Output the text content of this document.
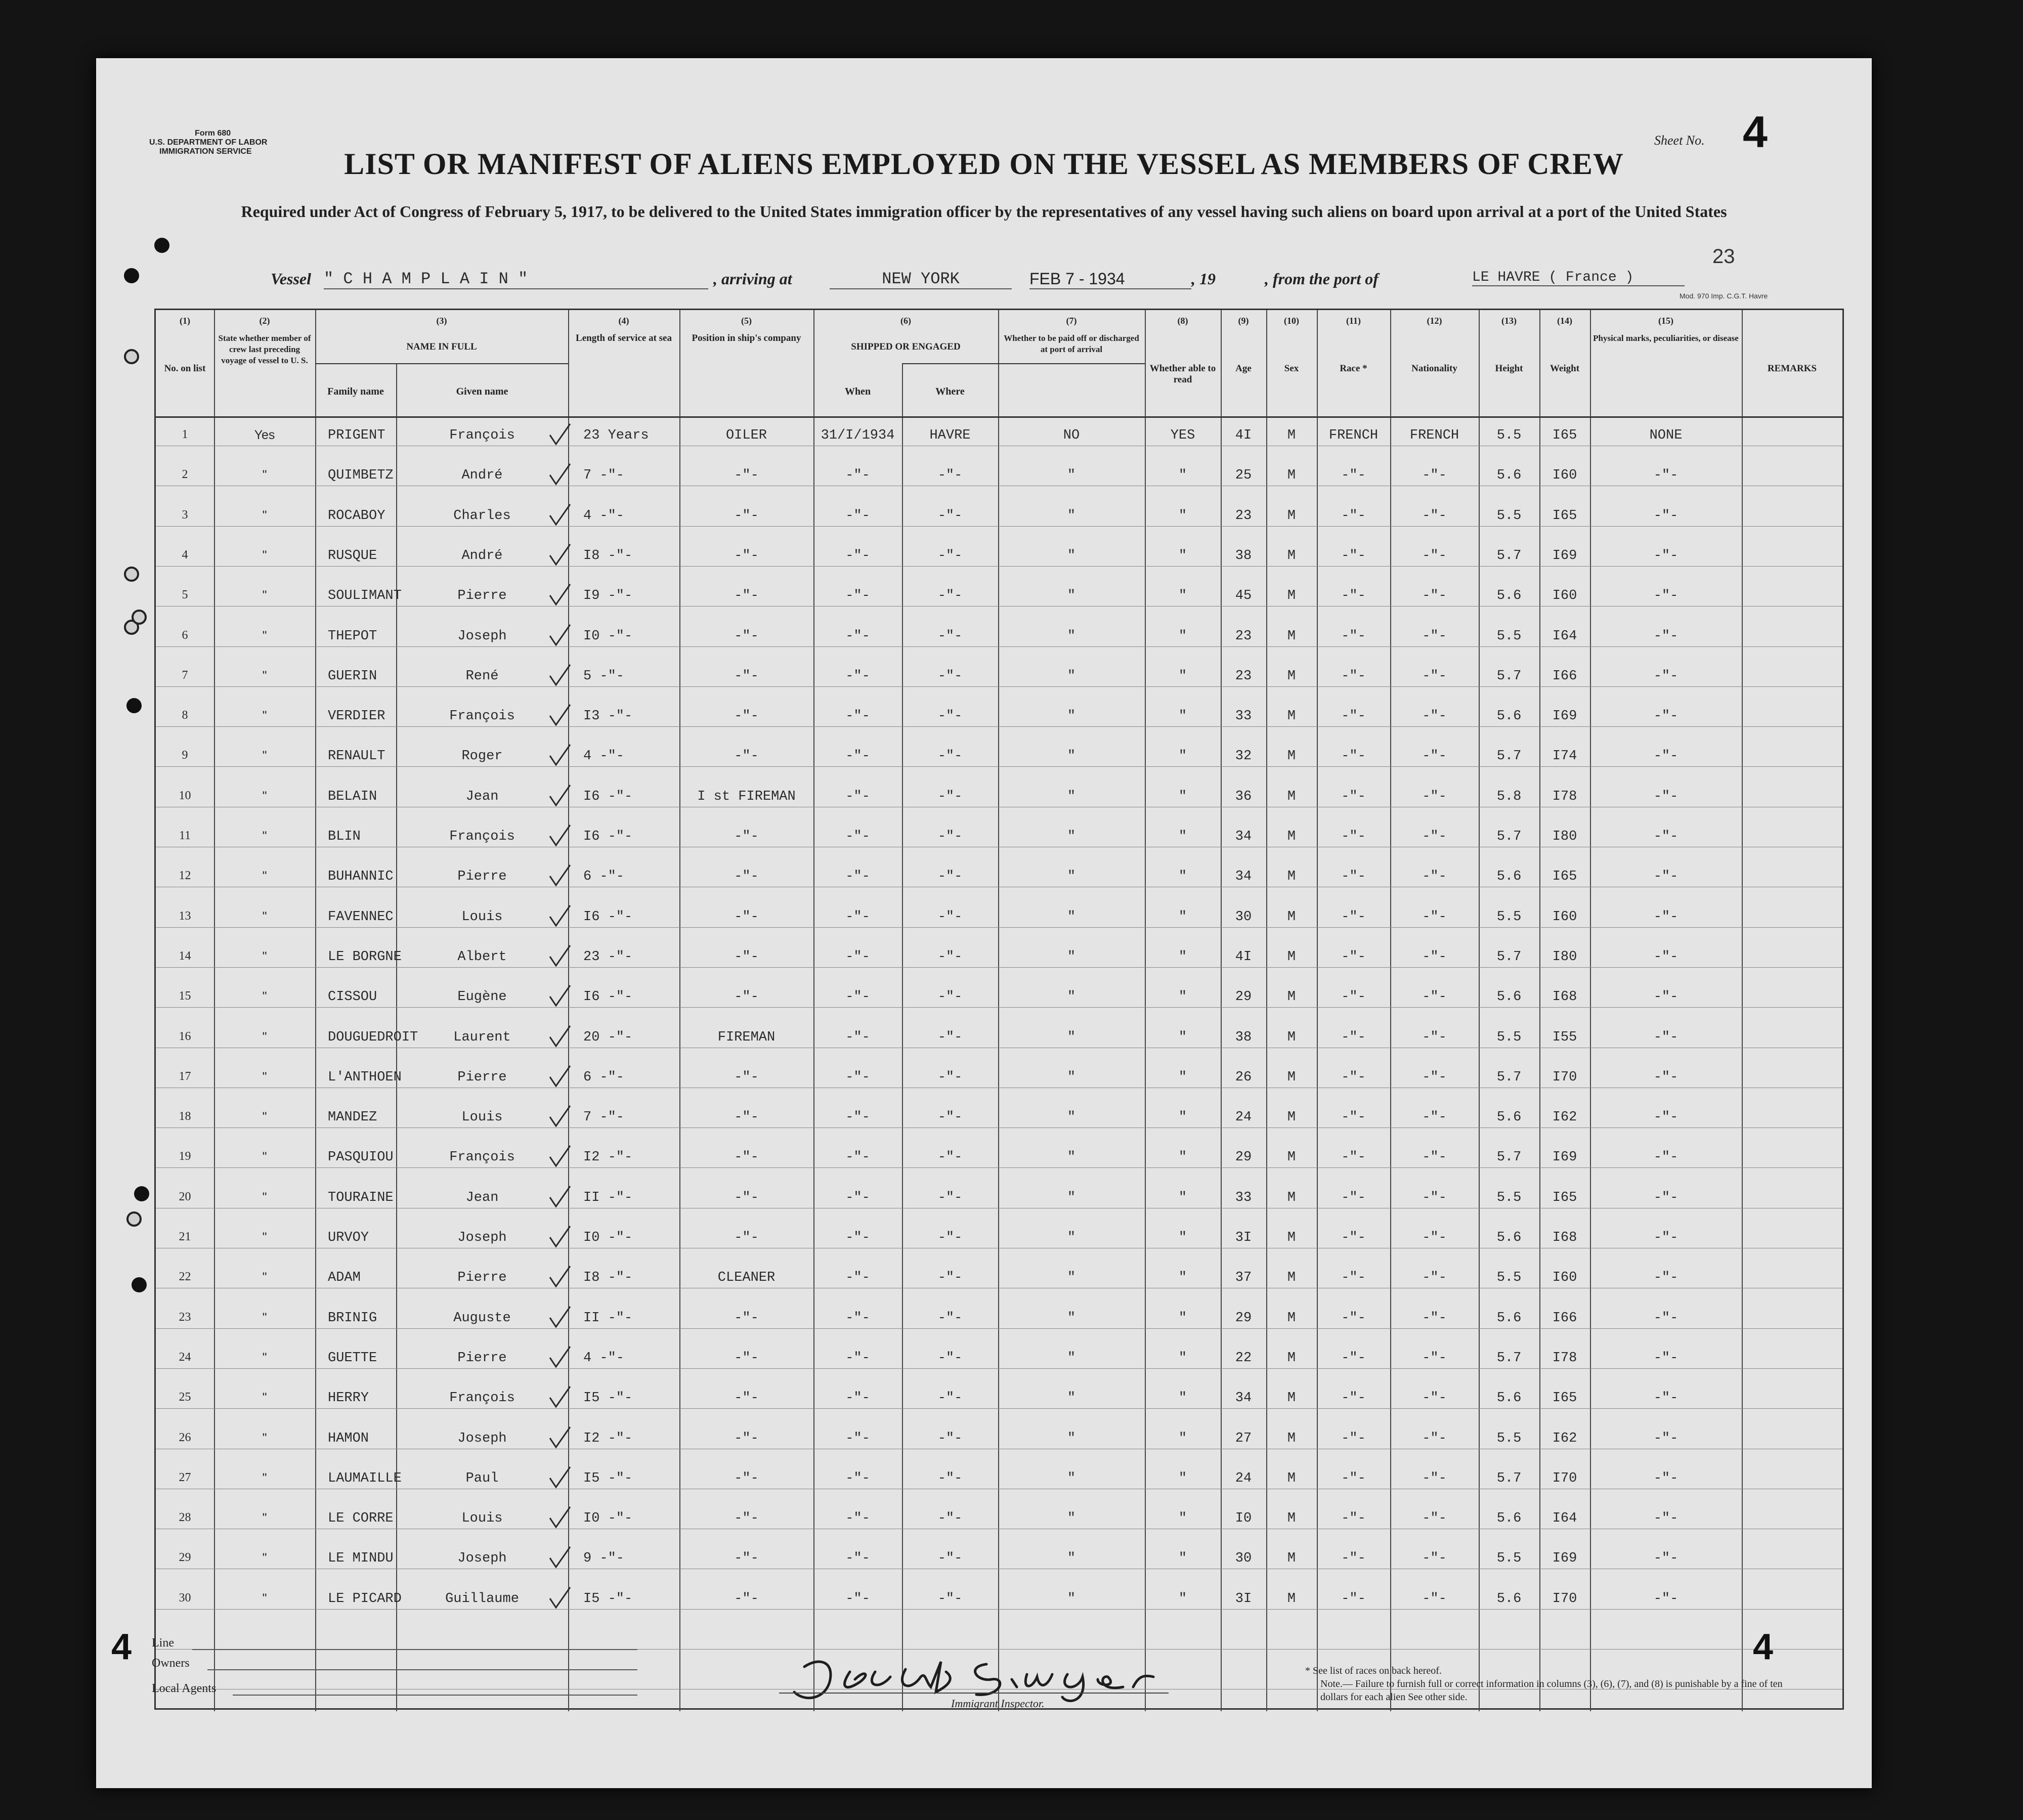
Form 680
U.S. DEPARTMENT OF LABOR
IMMIGRATION SERVICE
Sheet No. 4
LIST OR MANIFEST OF ALIENS EMPLOYED ON THE VESSEL AS MEMBERS OF CREW
Required under Act of Congress of February 5, 1917, to be delivered to the United States immigration officer by the representatives of any vessel having such aliens on board upon arrival at a port of the United States
23
Vessel " C H A M P L A I N "	, arriving at	NEW YORK	FEB 7 - 1934	, 19	, from the port of	LE HAVRE ( France )
Mod. 970 Imp. C.G.T. Havre
(1)
No. on list
(2)
State whether member of crew last preceding voyage of vessel to U. S.
(3)
NAME IN FULL
Family name	Given name
(4)
Length of service at sea
(5)
Position in ship's company
(6)
SHIPPED OR ENGAGED
When	Where
(7)
Whether to be paid off or discharged at port of arrival
(8)
Whether able to read
(9)
Age
(10)
Sex
(11)
Race *
(12)
Nationality
(13)
Height
(14)
Weight
(15)
Physical marks, peculiarities, or disease
REMARKS
1	Yes	PRIGENT	François	23 Years	OILER	31/I/1934	HAVRE	NO	YES	4I	M	FRENCH	FRENCH	5.5	I65	NONE
2	"	QUIMBETZ	André	7 -"-	-"-	-"-	-"-	"	"	25	M	-"-	-"-	5.6	I60	-"-
3	"	ROCABOY	Charles	4 -"-	-"-	-"-	-"-	"	"	23	M	-"-	-"-	5.5	I65	-"-
4	"	RUSQUE	André	I8 -"-	-"-	-"-	-"-	"	"	38	M	-"-	-"-	5.7	I69	-"-
5	"	SOULIMANT	Pierre	I9 -"-	-"-	-"-	-"-	"	"	45	M	-"-	-"-	5.6	I60	-"-
6	"	THEPOT	Joseph	I0 -"-	-"-	-"-	-"-	"	"	23	M	-"-	-"-	5.5	I64	-"-
7	"	GUERIN	René	5 -"-	-"-	-"-	-"-	"	"	23	M	-"-	-"-	5.7	I66	-"-
8	"	VERDIER	François	I3 -"-	-"-	-"-	-"-	"	"	33	M	-"-	-"-	5.6	I69	-"-
9	"	RENAULT	Roger	4 -"-	-"-	-"-	-"-	"	"	32	M	-"-	-"-	5.7	I74	-"-
10	"	BELAIN	Jean	I6 -"-	I st FIREMAN	-"-	-"-	"	"	36	M	-"-	-"-	5.8	I78	-"-
11	"	BLIN	François	I6 -"-	-"-	-"-	-"-	"	"	34	M	-"-	-"-	5.7	I80	-"-
12	"	BUHANNIC	Pierre	6 -"-	-"-	-"-	-"-	"	"	34	M	-"-	-"-	5.6	I65	-"-
13	"	FAVENNEC	Louis	I6 -"-	-"-	-"-	-"-	"	"	30	M	-"-	-"-	5.5	I60	-"-
14	"	LE BORGNE	Albert	23 -"-	-"-	-"-	-"-	"	"	4I	M	-"-	-"-	5.7	I80	-"-
15	"	CISSOU	Eugène	I6 -"-	-"-	-"-	-"-	"	"	29	M	-"-	-"-	5.6	I68	-"-
16	"	DOUGUEDROIT	Laurent	20 -"-	FIREMAN	-"-	-"-	"	"	38	M	-"-	-"-	5.5	I55	-"-
17	"	L'ANTHOEN	Pierre	6 -"-	-"-	-"-	-"-	"	"	26	M	-"-	-"-	5.7	I70	-"-
18	"	MANDEZ	Louis	7 -"-	-"-	-"-	-"-	"	"	24	M	-"-	-"-	5.6	I62	-"-
19	"	PASQUIOU	François	I2 -"-	-"-	-"-	-"-	"	"	29	M	-"-	-"-	5.7	I69	-"-
20	"	TOURAINE	Jean	II -"-	-"-	-"-	-"-	"	"	33	M	-"-	-"-	5.5	I65	-"-
21	"	URVOY	Joseph	I0 -"-	-"-	-"-	-"-	"	"	3I	M	-"-	-"-	5.6	I68	-"-
22	"	ADAM	Pierre	I8 -"-	CLEANER	-"-	-"-	"	"	37	M	-"-	-"-	5.5	I60	-"-
23	"	BRINIG	Auguste	II -"-	-"-	-"-	-"-	"	"	29	M	-"-	-"-	5.6	I66	-"-
24	"	GUETTE	Pierre	4 -"-	-"-	-"-	-"-	"	"	22	M	-"-	-"-	5.7	I78	-"-
25	"	HERRY	François	I5 -"-	-"-	-"-	-"-	"	"	34	M	-"-	-"-	5.6	I65	-"-
26	"	HAMON	Joseph	I2 -"-	-"-	-"-	-"-	"	"	27	M	-"-	-"-	5.5	I62	-"-
27	"	LAUMAILLE	Paul	I5 -"-	-"-	-"-	-"-	"	"	24	M	-"-	-"-	5.7	I70	-"-
28	"	LE CORRE	Louis	I0 -"-	-"-	-"-	-"-	"	"	I0	M	-"-	-"-	5.6	I64	-"-
29	"	LE MINDU	Joseph	9 -"-	-"-	-"-	-"-	"	"	30	M	-"-	-"-	5.5	I69	-"-
30	"	LE PICARD	Guillaume	I5 -"-	-"-	-"-	-"-	"	"	3I	M	-"-	-"-	5.6	I70	-"-
4	4
Line
Owners
Local Agents
Immigrant Inspector.
* See list of races on back hereof.
Note.— Failure to furnish full or correct information in columns (3), (6), (7), and (8) is punishable by a fine of ten dollars for each alien See other side.
